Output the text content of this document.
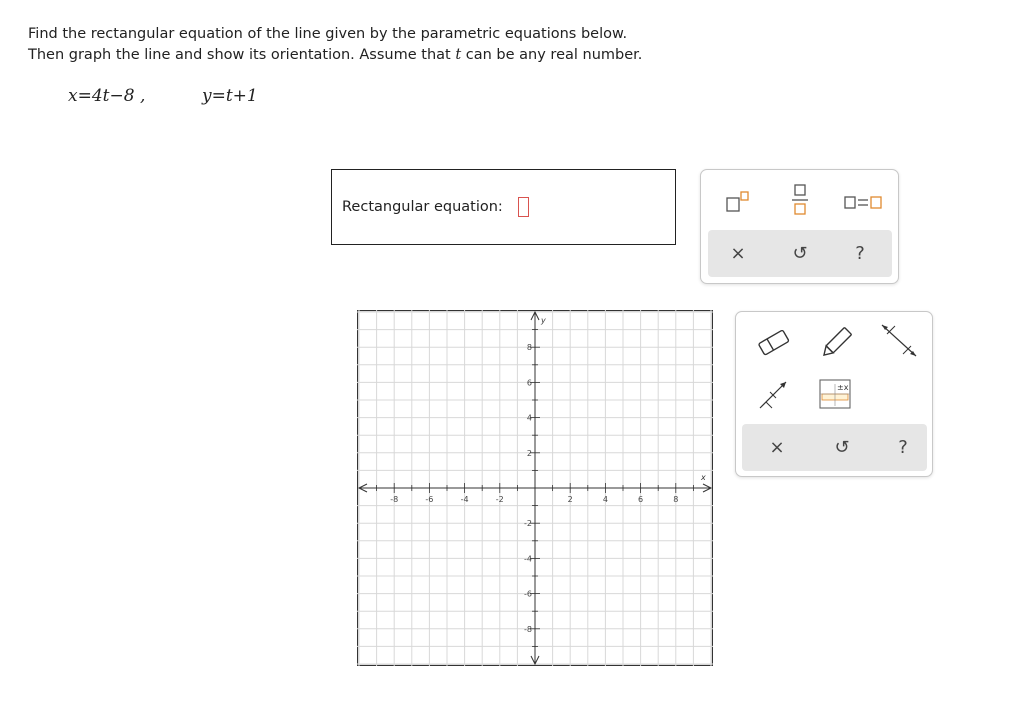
Find the rectangular equation of the line given by the parametric equations below.
Then graph the line and show its orientation. Assume that t can be any real number.
x=4t−8 ,	y=t+1
Rectangular equation:
×	↺	?
-8	-6	-4	-2	2	4	6	8
8
6
4
2
-2
-4
-6
-8
x
y
±x
×	↺	?
